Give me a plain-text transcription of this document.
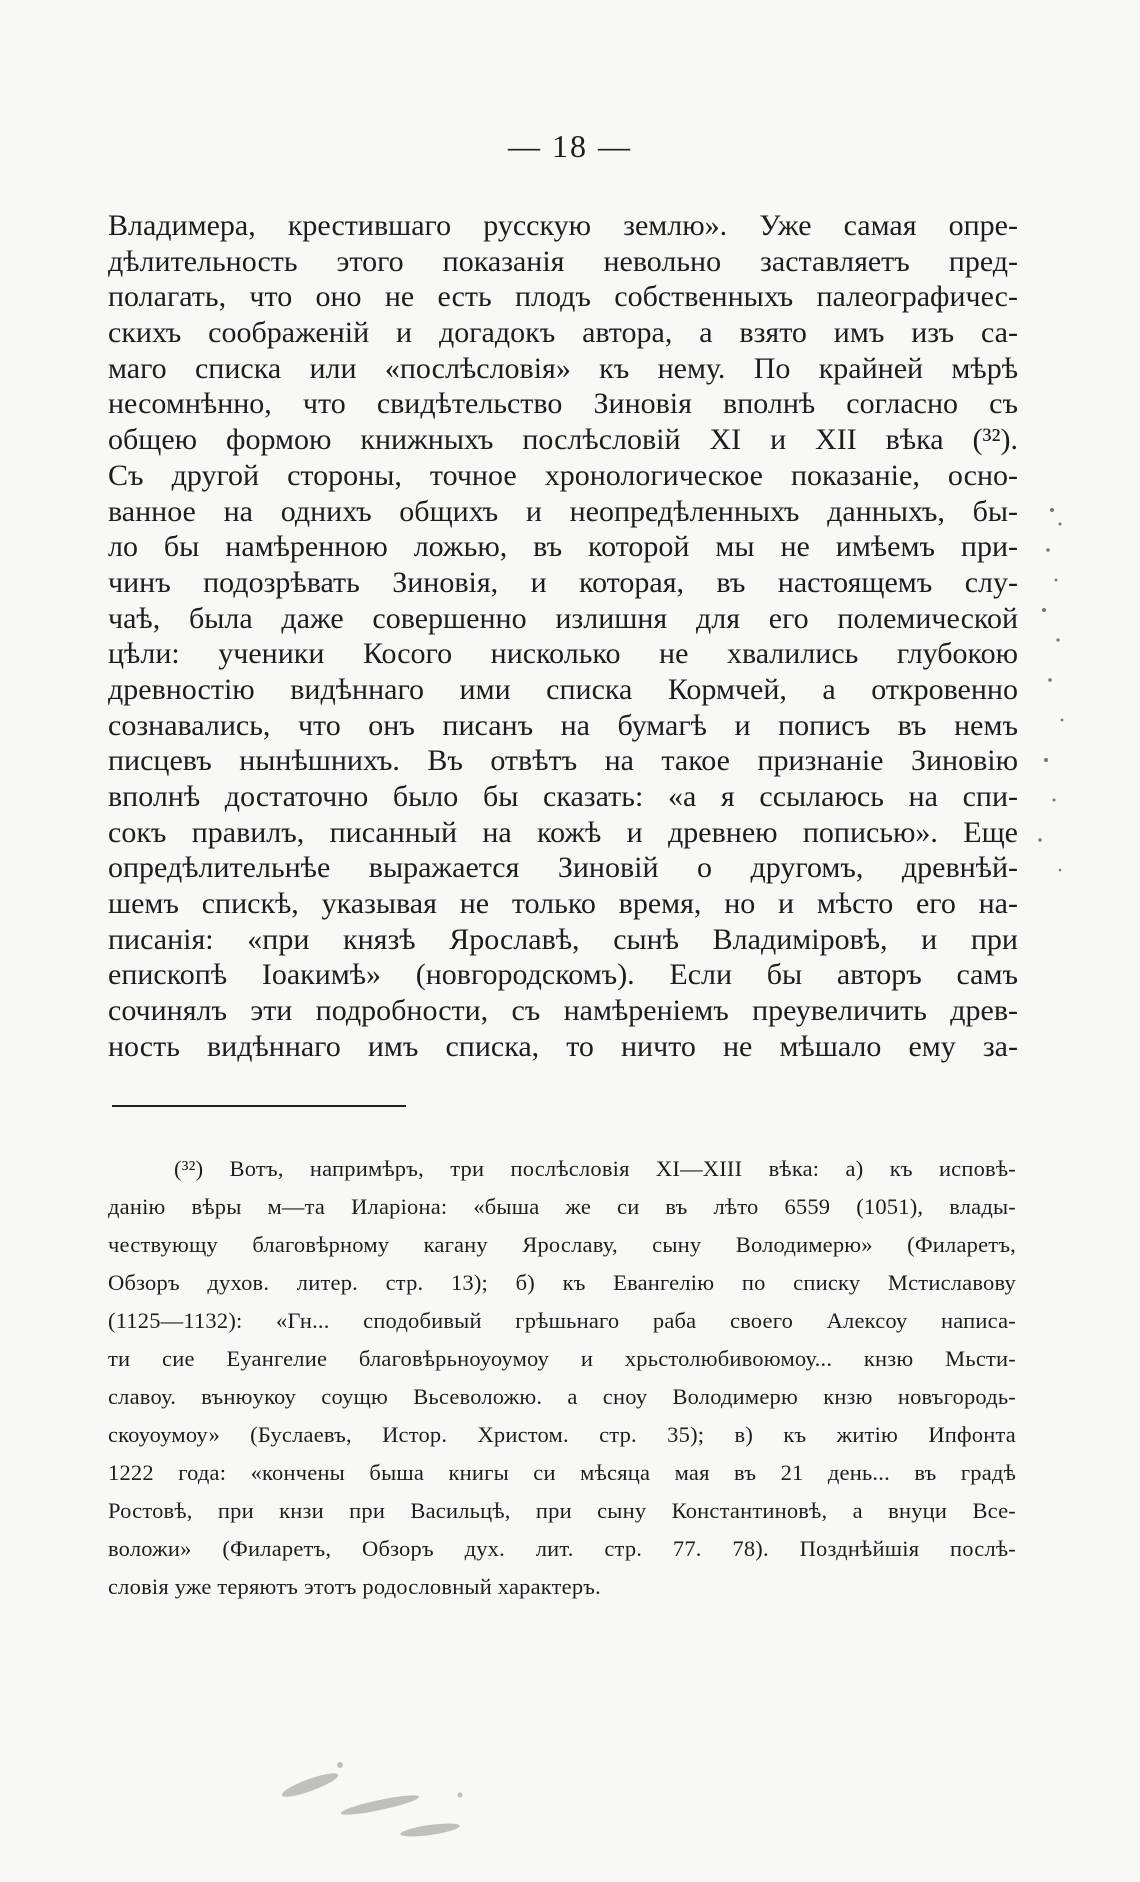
— 18 —
Владимера, крестившаго русскую землю». Уже самая опре-
дѣлительность этого показанія невольно заставляетъ пред-
полагать, что оно не есть плодъ собственныхъ палеографичес-
скихъ соображеній и догадокъ автора, а взято имъ изъ са-
маго списка или «послѣсловія» къ нему. По крайней мѣрѣ
несомнѣнно, что свидѣтельство Зиновія вполнѣ согласно съ
общею формою книжныхъ послѣсловій XI и XII вѣка (³²).
Съ другой стороны, точное хронологическое показаніе, осно-
ванное на однихъ общихъ и неопредѣленныхъ данныхъ, бы-
ло бы намѣренною ложью, въ которой мы не имѣемъ при-
чинъ подозрѣвать Зиновія, и которая, въ настоящемъ слу-
чаѣ, была даже совершенно излишня для его полемической
цѣли: ученики Косого нисколько не хвалились глубокою
древностію видѣннаго ими списка Кормчей, а откровенно
сознавались, что онъ писанъ на бумагѣ и пописъ въ немъ
писцевъ нынѣшнихъ. Въ отвѣтъ на такое признаніе Зиновію
вполнѣ достаточно было бы сказать: «а я ссылаюсь на спи-
сокъ правилъ, писанный на кожѣ и древнею пописью». Еще
опредѣлительнѣе выражается Зиновій о другомъ, древнѣй-
шемъ спискѣ, указывая не только время, но и мѣсто его на-
писанія: «при князѣ Ярославѣ, сынѣ Владиміровѣ, и при
епископѣ Іоакимѣ» (новгородскомъ). Если бы авторъ самъ
сочинялъ эти подробности, съ намѣреніемъ преувеличить древ-
ность видѣннаго имъ списка, то ничто не мѣшало ему за-
(³²) Вотъ, напримѣръ, три послѣсловія XI—XIII вѣка: а) къ исповѣ-
данію вѣры м—та Иларіона: «быша же си въ лѣто 6559 (1051), влады-
чествующу благовѣрному кагану Ярославу, сыну Володимерю» (Филаретъ,
Обзоръ духов. литер. стр. 13); б) къ Евангелію по списку Мстиславову
(1125—1132): «Гн... сподобивый грѣшьнаго раба своего Алексоу написа-
ти сие Еуангелие благовѣрьноуоумоу и хрьстолюбивоюмоу... кнзю Мьсти-
славоу. вънюукоу соущю Вьсеволожю. а сноу Володимерю кнзю новъгородь-
скоуоумоу» (Буслаевъ, Истор. Христом. стр. 35); в) къ житію Ипфонта
1222 года: «кончены быша книгы си мѣсяца мая въ 21 день... въ градѣ
Ростовѣ, при кнзи при Васильцѣ, при сыну Константиновѣ, а внуци Все-
воложи» (Филаретъ, Обзоръ дух. лит. стр. 77. 78). Позднѣйшія послѣ-
словія уже теряютъ этотъ родословный характеръ.
